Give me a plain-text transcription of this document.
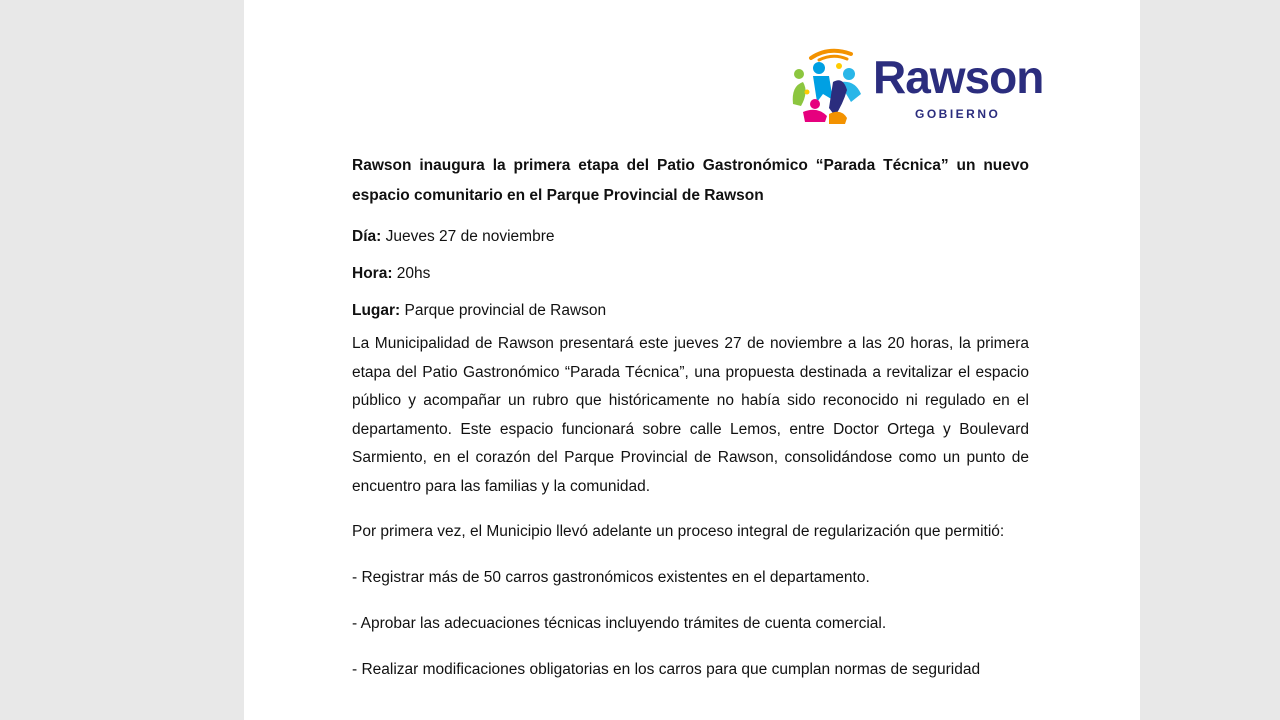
Rawson
GOBIERNO

Rawson inaugura la primera etapa del Patio Gastronómico “Parada Técnica” un nuevo espacio comunitario en el Parque Provincial de Rawson

Día: Jueves 27 de noviembre

Hora: 20hs

Lugar: Parque provincial de Rawson

La Municipalidad de Rawson presentará este jueves 27 de noviembre a las 20 horas, la primera etapa del Patio Gastronómico “Parada Técnica”, una propuesta destinada a revitalizar el espacio público y acompañar un rubro que históricamente no había sido reconocido ni regulado en el departamento. Este espacio funcionará sobre calle Lemos, entre Doctor Ortega y Boulevard Sarmiento, en el corazón del Parque Provincial de Rawson, consolidándose como un punto de encuentro para las familias y la comunidad.

Por primera vez, el Municipio llevó adelante un proceso integral de regularización que permitió:

- Registrar más de 50 carros gastronómicos existentes en el departamento.

- Aprobar las adecuaciones técnicas incluyendo trámites de cuenta comercial.

- Realizar modificaciones obligatorias en los carros para que cumplan normas de seguridad
